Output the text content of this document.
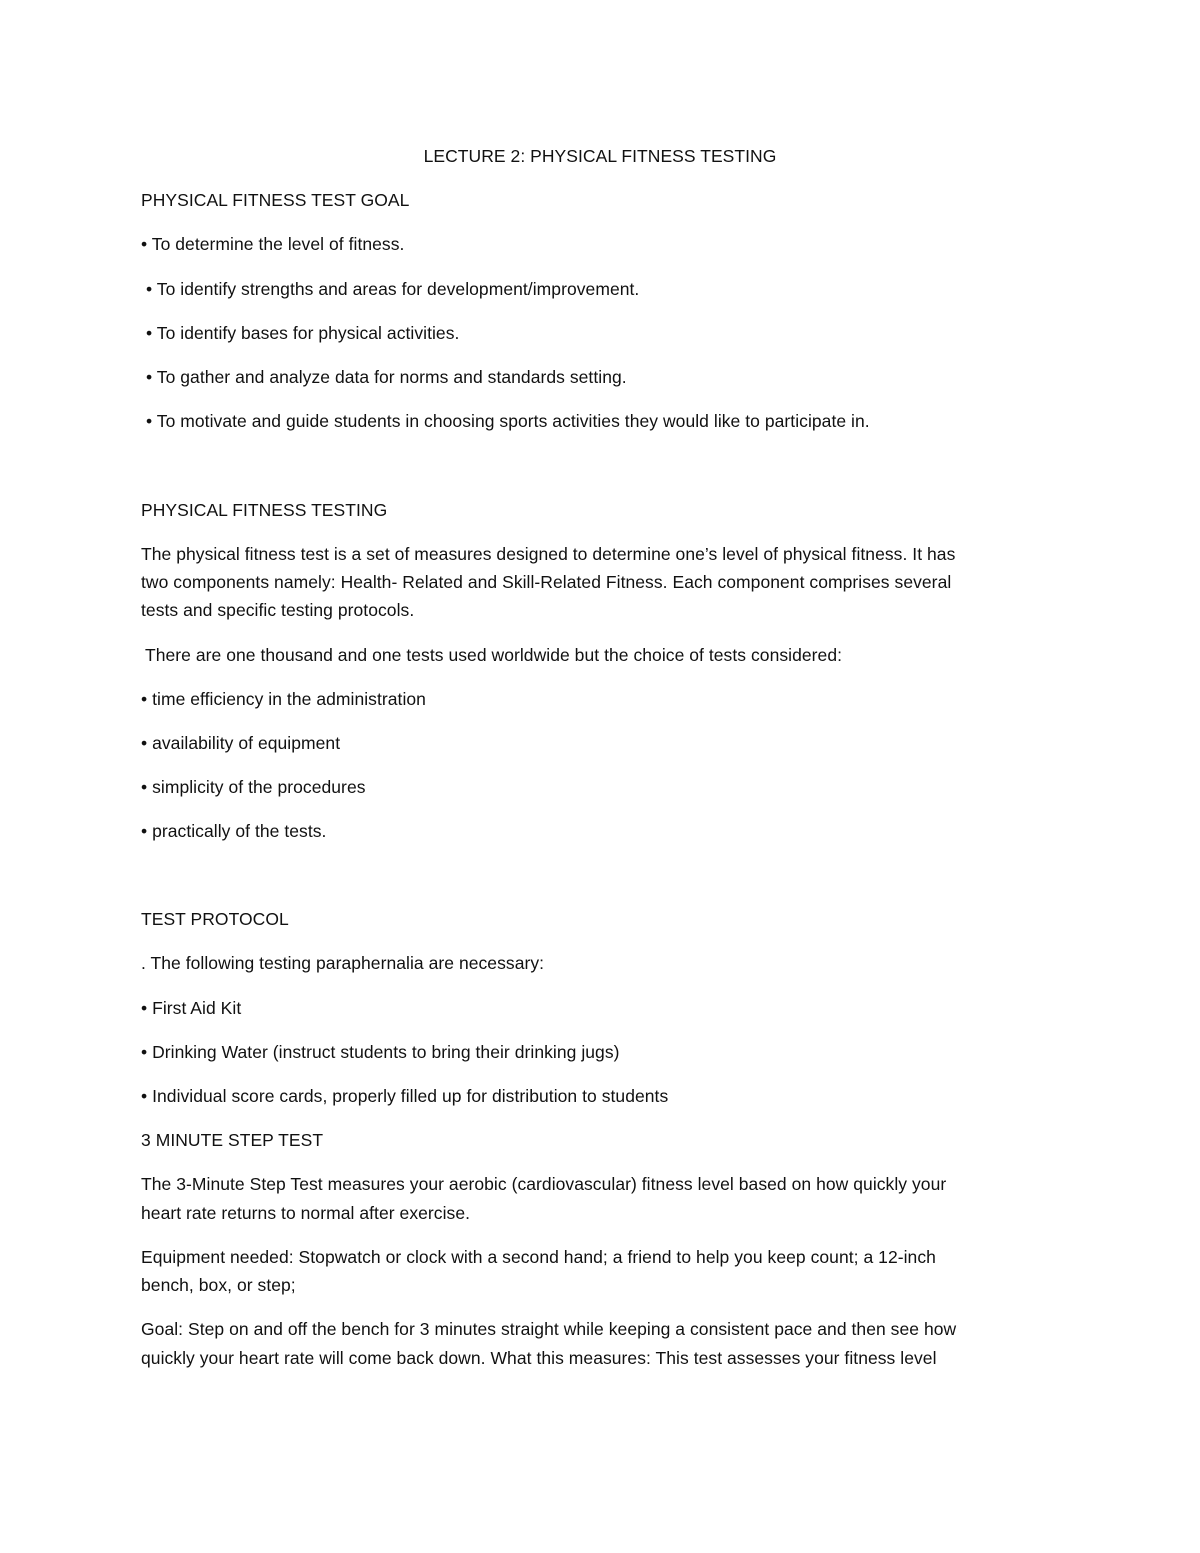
LECTURE 2: PHYSICAL FITNESS TESTING
PHYSICAL FITNESS TEST GOAL
• To determine the level of fitness.
• To identify strengths and areas for development/improvement.
• To identify bases for physical activities.
• To gather and analyze data for norms and standards setting.
• To motivate and guide students in choosing sports activities they would like to participate in.
PHYSICAL FITNESS TESTING
The physical fitness test is a set of measures designed to determine one’s level of physical fitness. It has
two components namely: Health- Related and Skill-Related Fitness. Each component comprises several
tests and specific testing protocols.
There are one thousand and one tests used worldwide but the choice of tests considered:
• time efficiency in the administration
• availability of equipment
• simplicity of the procedures
• practically of the tests.
TEST PROTOCOL
. The following testing paraphernalia are necessary:
• First Aid Kit
• Drinking Water (instruct students to bring their drinking jugs)
• Individual score cards, properly filled up for distribution to students
3 MINUTE STEP TEST
The 3-Minute Step Test measures your aerobic (cardiovascular) fitness level based on how quickly your
heart rate returns to normal after exercise.
Equipment needed: Stopwatch or clock with a second hand; a friend to help you keep count; a 12-inch
bench, box, or step;
Goal: Step on and off the bench for 3 minutes straight while keeping a consistent pace and then see how
quickly your heart rate will come back down. What this measures: This test assesses your fitness level
